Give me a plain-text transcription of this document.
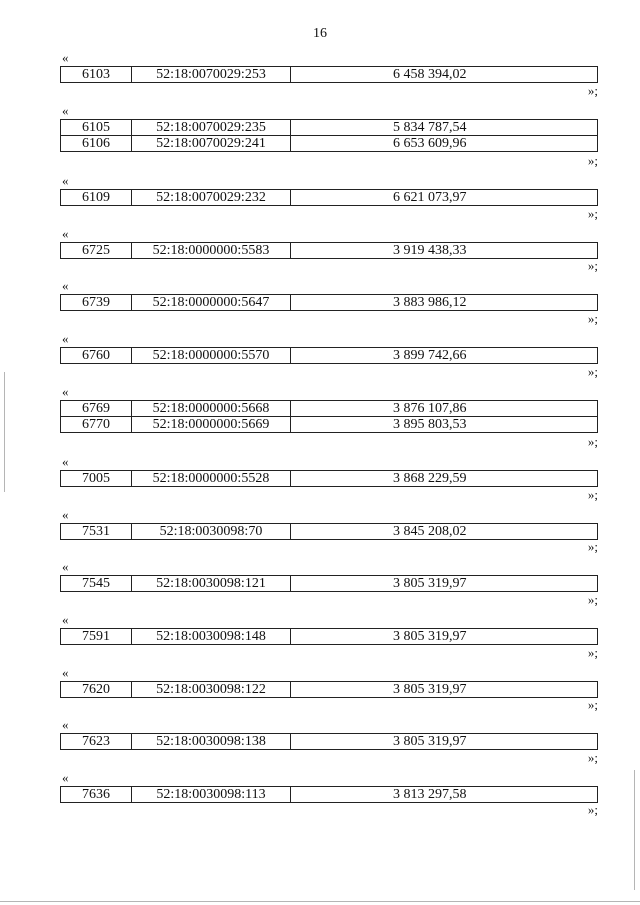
16
«
6103	52:18:0070029:253	6 458 394,02
»;
«
6105	52:18:0070029:235	5 834 787,54
6106	52:18:0070029:241	6 653 609,96
»;
«
6109	52:18:0070029:232	6 621 073,97
»;
«
6725	52:18:0000000:5583	3 919 438,33
»;
«
6739	52:18:0000000:5647	3 883 986,12
»;
«
6760	52:18:0000000:5570	3 899 742,66
»;
«
6769	52:18:0000000:5668	3 876 107,86
6770	52:18:0000000:5669	3 895 803,53
»;
«
7005	52:18:0000000:5528	3 868 229,59
»;
«
7531	52:18:0030098:70	3 845 208,02
»;
«
7545	52:18:0030098:121	3 805 319,97
»;
«
7591	52:18:0030098:148	3 805 319,97
»;
«
7620	52:18:0030098:122	3 805 319,97
»;
«
7623	52:18:0030098:138	3 805 319,97
»;
«
7636	52:18:0030098:113	3 813 297,58
»;
